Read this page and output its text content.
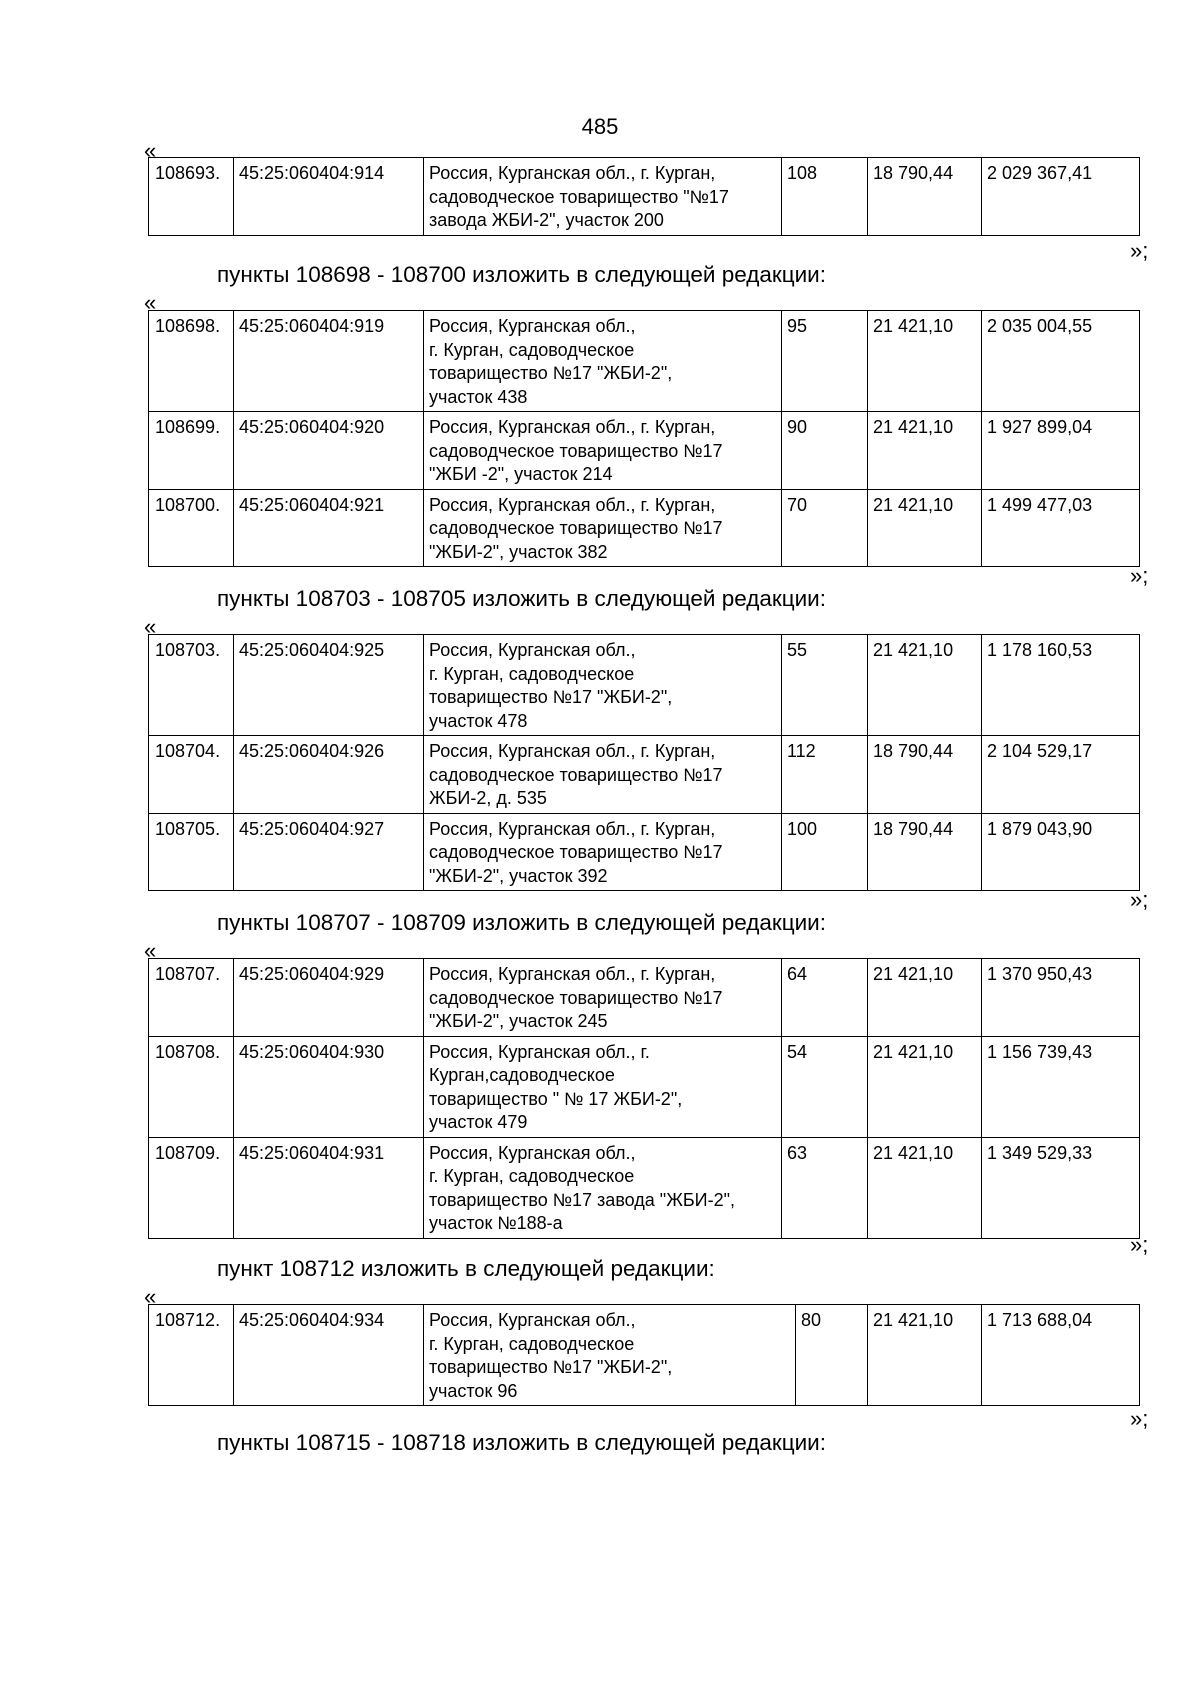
485
«
108693.	45:25:060404:914	Россия, Курганская обл., г. Курган,
садоводческое товарищество "№17
завода ЖБИ-2", участок 200
	108	18 790,44	2 029 367,41
»;
пункты 108698 - 108700 изложить в следующей редакции:
«
108698.	45:25:060404:919	Россия, Курганская обл.,
г. Курган, садоводческое
товарищество №17 "ЖБИ-2",
участок 438	95	21 421,10	2 035 004,55
108699.	45:25:060404:920	Россия, Курганская обл., г. Курган,
садоводческое товарищество №17
"ЖБИ -2", участок 214	90	21 421,10	1 927 899,04
108700.	45:25:060404:921	Россия, Курганская обл., г. Курган,
садоводческое товарищество №17
"ЖБИ-2", участок 382	70	21 421,10	1 499 477,03
»;
пункты 108703 - 108705 изложить в следующей редакции:
«
108703.	45:25:060404:925	Россия, Курганская обл.,
г. Курган, садоводческое
товарищество №17 "ЖБИ-2",
участок 478	55	21 421,10	1 178 160,53
108704.	45:25:060404:926	Россия, Курганская обл., г. Курган,
садоводческое товарищество №17
ЖБИ-2, д. 535	112	18 790,44	2 104 529,17
108705.	45:25:060404:927	Россия, Курганская обл., г. Курган,
садоводческое товарищество №17
"ЖБИ-2", участок 392	100	18 790,44	1 879 043,90
»;
пункты 108707 - 108709 изложить в следующей редакции:
«
108707.	45:25:060404:929	Россия, Курганская обл., г. Курган,
садоводческое товарищество №17
"ЖБИ-2", участок 245	64	21 421,10	1 370 950,43
108708.	45:25:060404:930	Россия, Курганская обл., г.
Курган,садоводческое
товарищество " № 17 ЖБИ-2",
участок 479	54	21 421,10	1 156 739,43
108709.	45:25:060404:931	Россия, Курганская обл.,
г. Курган, садоводческое
товарищество №17 завода "ЖБИ-2",
участок №188-а	63	21 421,10	1 349 529,33
»;
пункт 108712 изложить в следующей редакции:
«
108712.	45:25:060404:934	Россия, Курганская обл.,
г. Курган, садоводческое
товарищество №17 "ЖБИ-2",
участок 96
	80	21 421,10	1 713 688,04
»;
пункты 108715 - 108718 изложить в следующей редакции:
